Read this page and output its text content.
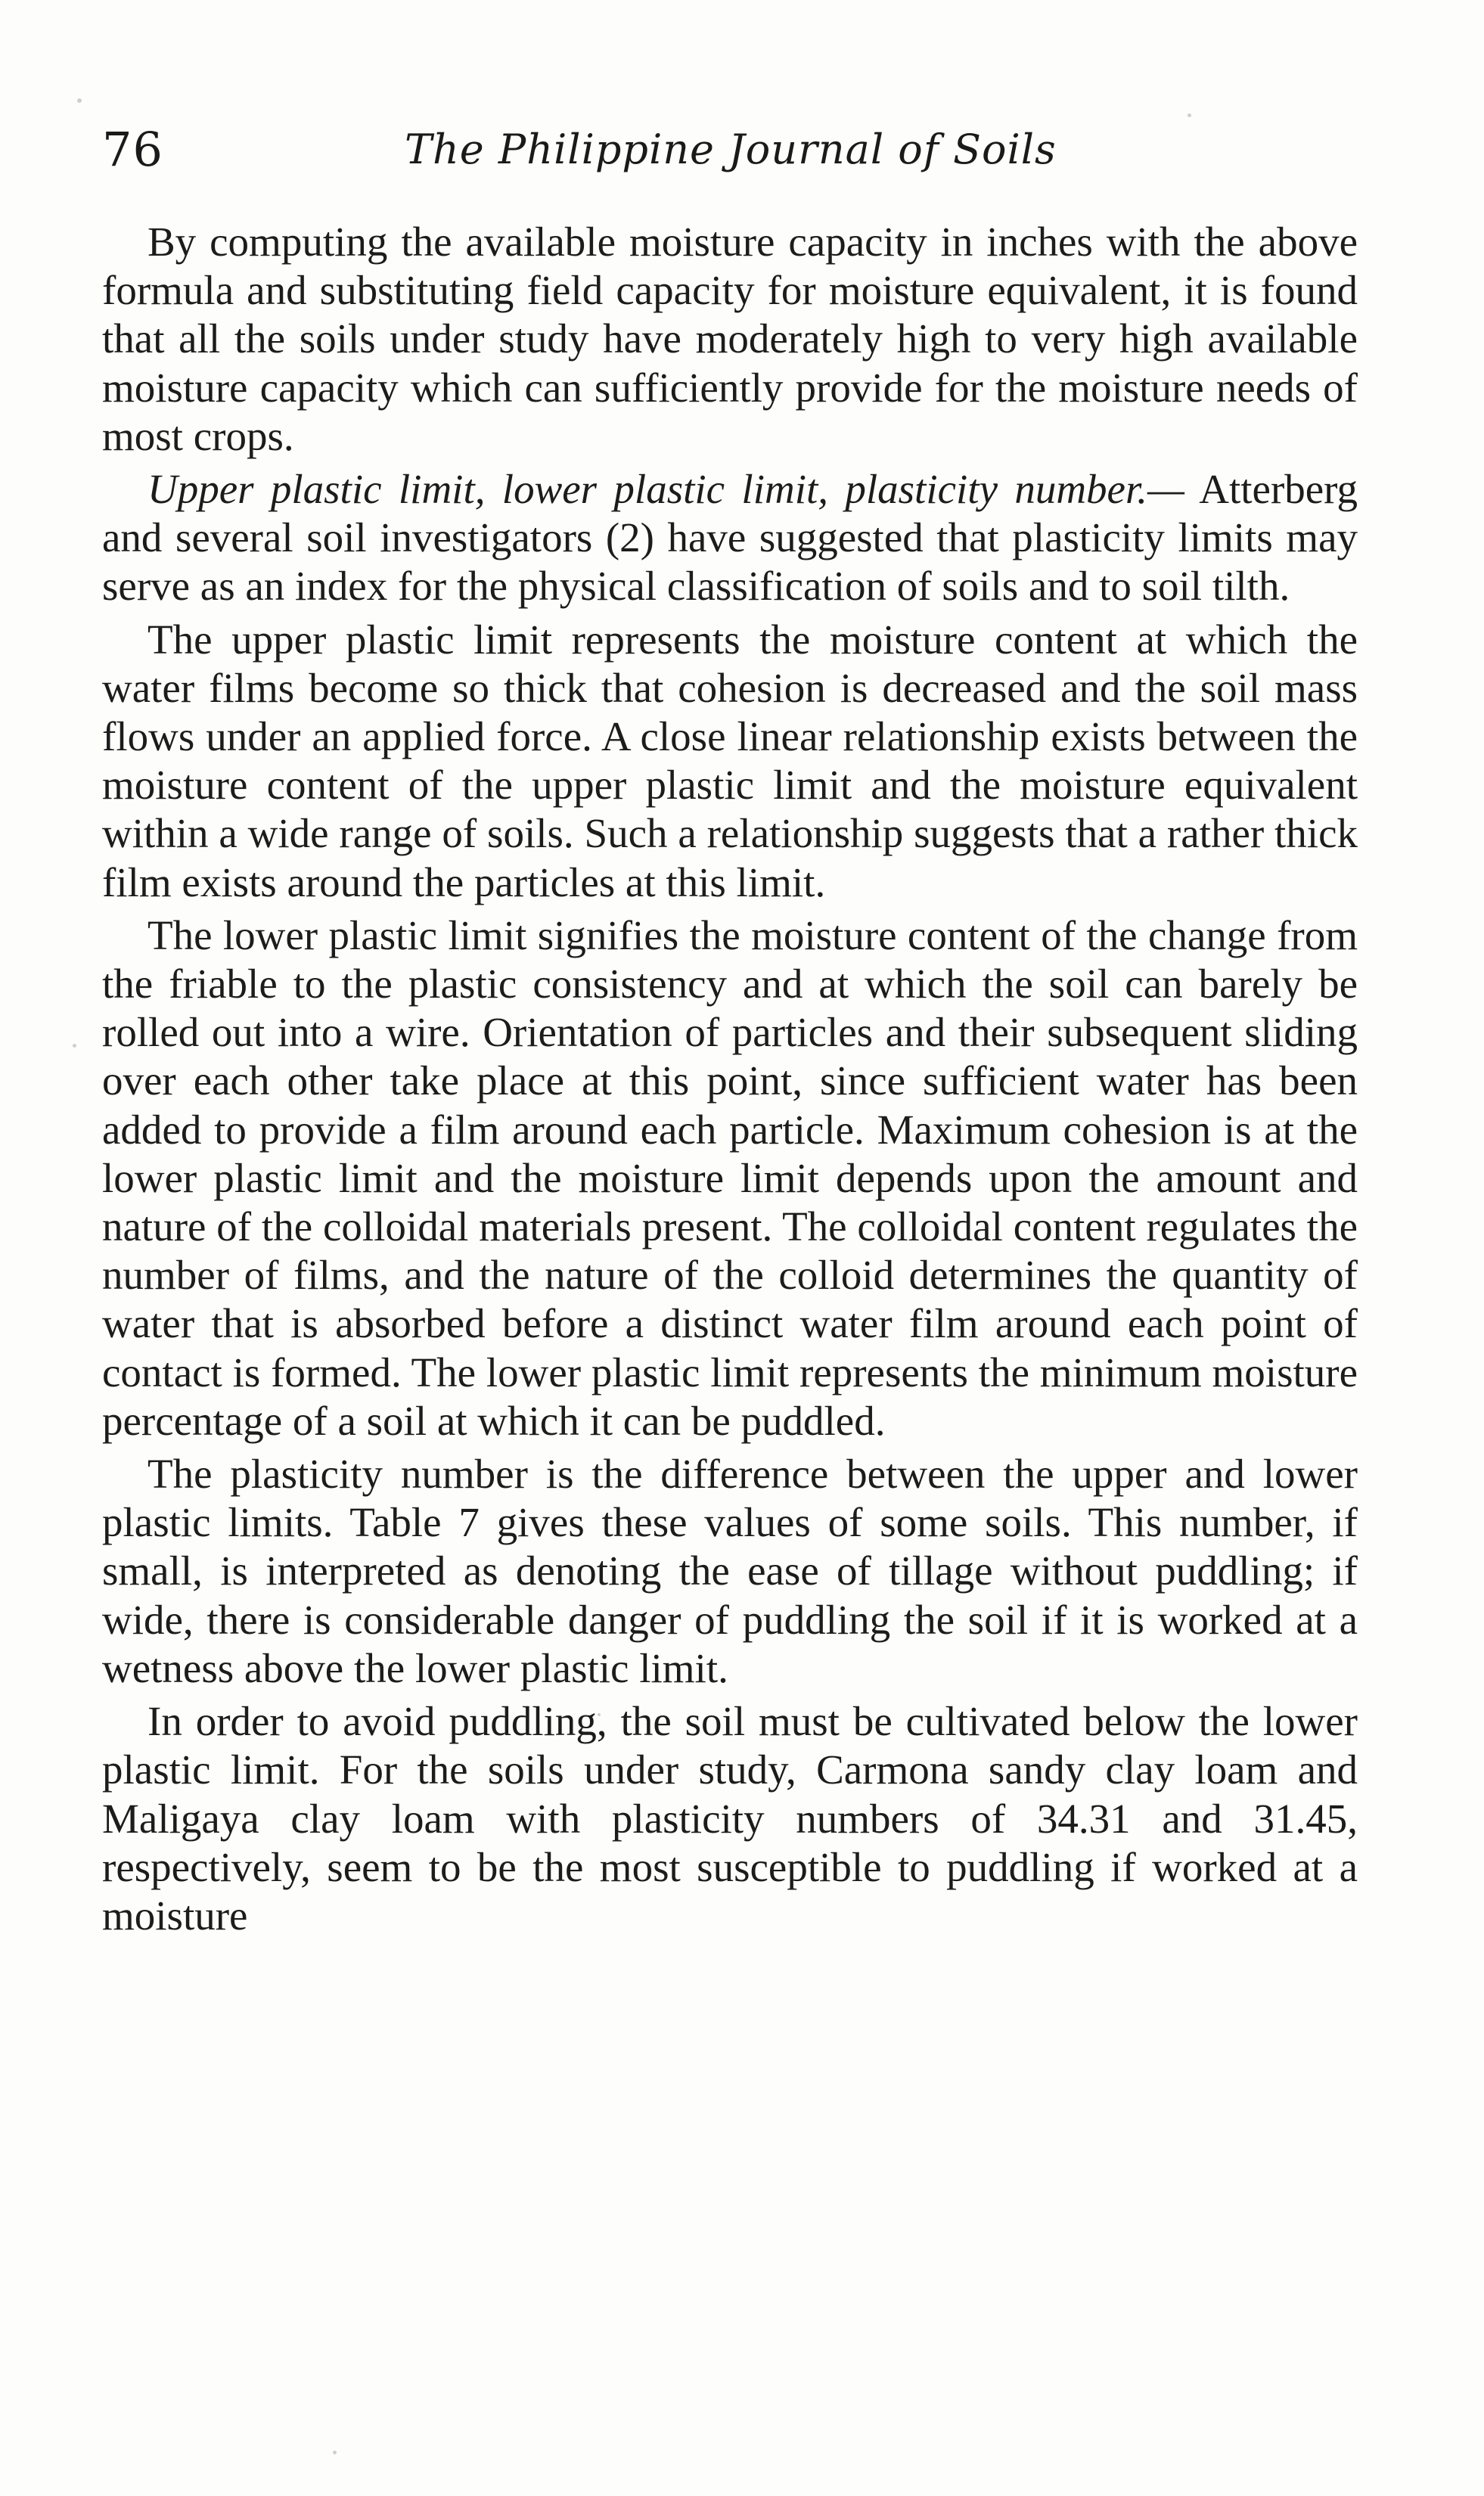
76	The Philippine Journal of Soils

By computing the available moisture capacity in inches with the above formula and substituting field capacity for moisture equivalent, it is found that all the soils under study have moderately high to very high available moisture capacity which can sufficiently provide for the moisture needs of most crops.

Upper plastic limit, lower plastic limit, plasticity number.— Atterberg and several soil investigators (2) have suggested that plasticity limits may serve as an index for the physical classification of soils and to soil tilth.

The upper plastic limit represents the moisture content at which the water films become so thick that cohesion is decreased and the soil mass flows under an applied force. A close linear relationship exists between the moisture content of the upper plastic limit and the moisture equivalent within a wide range of soils. Such a relationship suggests that a rather thick film exists around the particles at this limit.

The lower plastic limit signifies the moisture content of the change from the friable to the plastic consistency and at which the soil can barely be rolled out into a wire. Orientation of particles and their subsequent sliding over each other take place at this point, since sufficient water has been added to provide a film around each particle. Maximum cohesion is at the lower plastic limit and the moisture limit depends upon the amount and nature of the colloidal materials present. The colloidal content regulates the number of films, and the nature of the colloid determines the quantity of water that is absorbed before a distinct water film around each point of contact is formed. The lower plastic limit represents the minimum moisture percentage of a soil at which it can be puddled.

The plasticity number is the difference between the upper and lower plastic limits. Table 7 gives these values of some soils. This number, if small, is interpreted as denoting the ease of tillage without puddling; if wide, there is considerable danger of puddling the soil if it is worked at a wetness above the lower plastic limit.

In order to avoid puddling, the soil must be cultivated below the lower plastic limit. For the soils under study, Carmona sandy clay loam and Maligaya clay loam with plasticity numbers of 34.31 and 31.45, respectively, seem to be the most susceptible to puddling if worked at a moisture
